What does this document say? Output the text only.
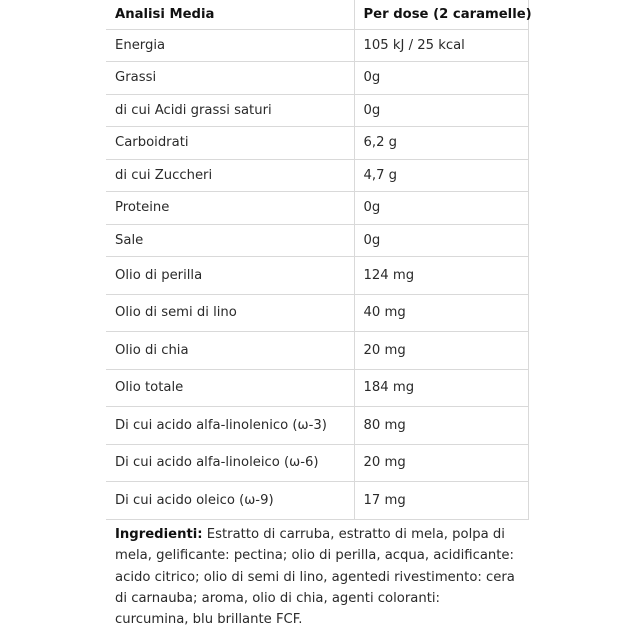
Analisi Media	Per dose (2 caramelle)
Energia	105 kJ / 25 kcal
Grassi	0g
di cui Acidi grassi saturi	0g
Carboidrati	6,2 g
di cui Zuccheri	4,7 g
Proteine	0g
Sale	0g
Olio di perilla	124 mg
Olio di semi di lino	40 mg
Olio di chia	20 mg
Olio totale	184 mg
Di cui acido alfa-linolenico (ω-3)	80 mg
Di cui acido alfa-linoleico (ω-6)	20 mg
Di cui acido oleico (ω-9)	17 mg
Ingredienti: Estratto di carruba, estratto di mela, polpa di mela, gelificante: pectina; olio di perilla, acqua, acidificante: acido citrico; olio di semi di lino, agentedi rivestimento: cera di carnauba; aroma, olio di chia, agenti coloranti: curcumina, blu brillante FCF.
